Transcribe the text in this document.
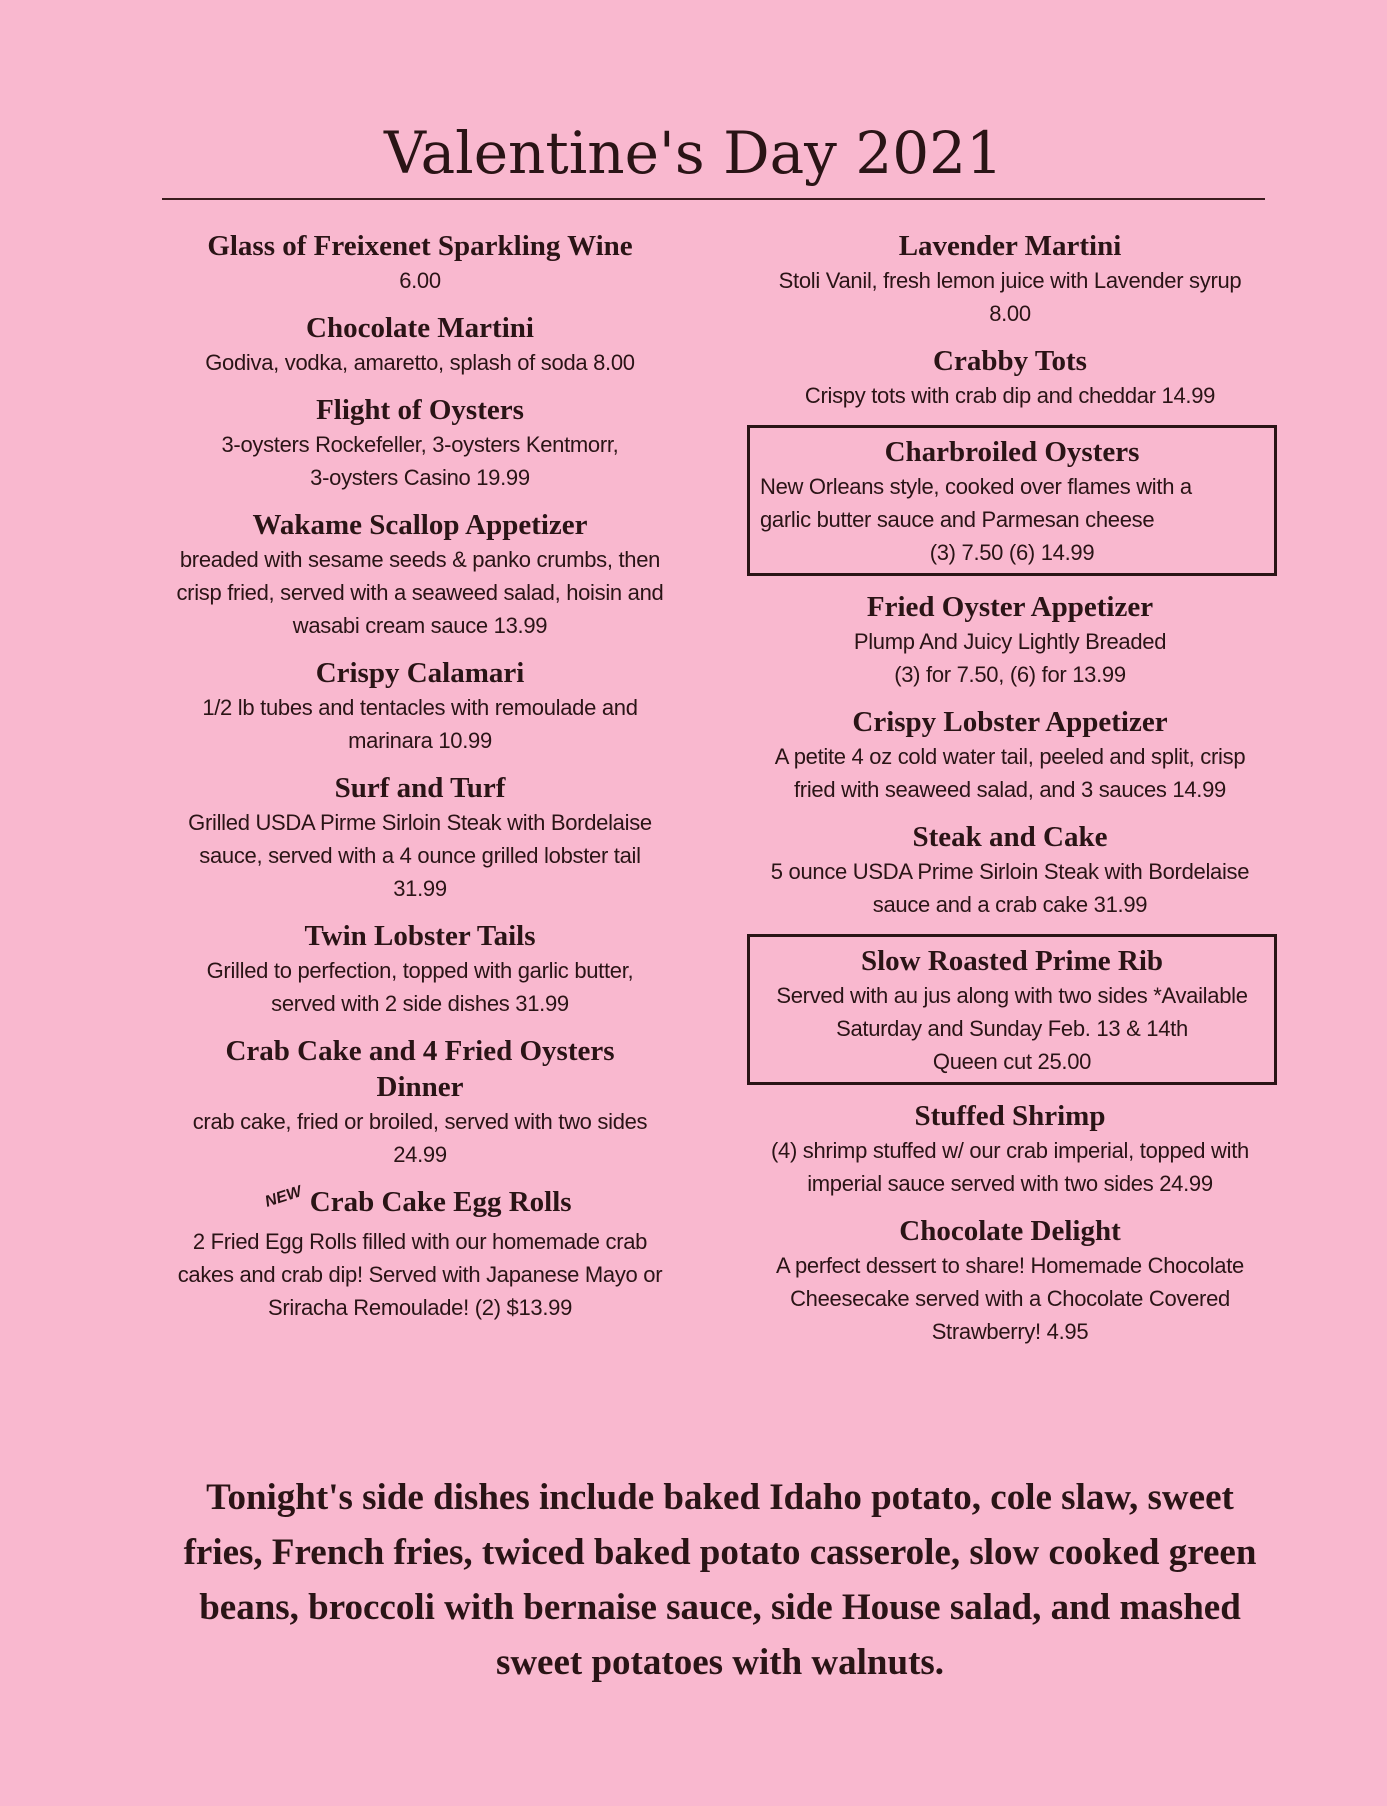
Valentine's Day 2021

Glass of Freixenet Sparkling Wine

6.00

Chocolate Martini

Godiva, vodka, amaretto, splash of soda 8.00

Flight of Oysters

3-oysters Rockefeller, 3-oysters Kentmorr,

3-oysters Casino 19.99

Wakame Scallop Appetizer

breaded with sesame seeds & panko crumbs, then

crisp fried, served with a seaweed salad, hoisin and

wasabi cream sauce 13.99

Crispy Calamari

1/2 lb tubes and tentacles with remoulade and

marinara 10.99

Surf and Turf

Grilled USDA Pirme Sirloin Steak with Bordelaise

sauce, served with a 4 ounce grilled lobster tail

31.99

Twin Lobster Tails

Grilled to perfection, topped with garlic butter,

served with 2 side dishes 31.99

Crab Cake and 4 Fried Oysters

Dinner

crab cake, fried or broiled, served with two sides

24.99

NEW Crab Cake Egg Rolls

2 Fried Egg Rolls filled with our homemade crab

cakes and crab dip! Served with Japanese Mayo or

Sriracha Remoulade! (2) $13.99

Lavender Martini

Stoli Vanil, fresh lemon juice with Lavender syrup

8.00

Crabby Tots

Crispy tots with crab dip and cheddar 14.99

Charbroiled Oysters

New Orleans style, cooked over flames with a

garlic butter sauce and Parmesan cheese

(3) 7.50 (6) 14.99

Fried Oyster Appetizer

Plump And Juicy Lightly Breaded

(3) for 7.50, (6) for 13.99

Crispy Lobster Appetizer

A petite 4 oz cold water tail, peeled and split, crisp

fried with seaweed salad, and 3 sauces 14.99

Steak and Cake

5 ounce USDA Prime Sirloin Steak with Bordelaise

sauce and a crab cake 31.99

Slow Roasted Prime Rib

Served with au jus along with two sides *Available

Saturday and Sunday Feb. 13 & 14th

Queen cut 25.00

Stuffed Shrimp

(4) shrimp stuffed w/ our crab imperial, topped with

imperial sauce served with two sides 24.99

Chocolate Delight

A perfect dessert to share! Homemade Chocolate

Cheesecake served with a Chocolate Covered

Strawberry! 4.95

Tonight's side dishes include baked Idaho potato, cole slaw, sweet fries, French fries, twiced baked potato casserole, slow cooked green beans, broccoli with bernaise sauce, side House salad, and mashed sweet potatoes with walnuts.
